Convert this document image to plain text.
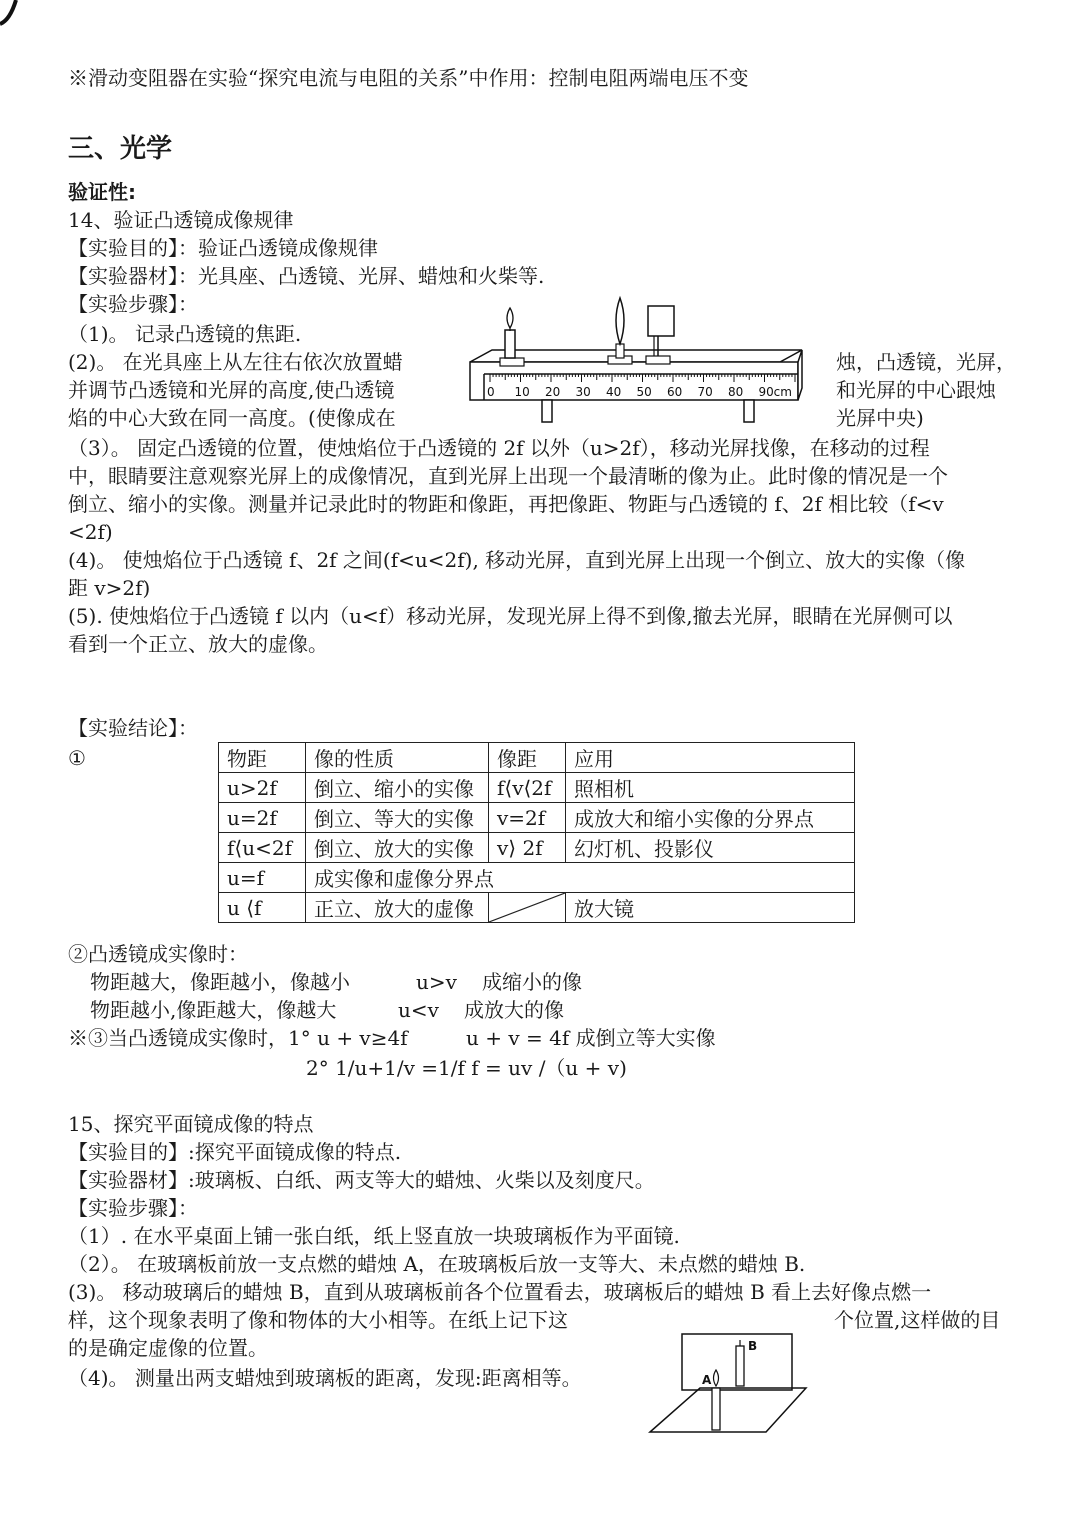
※滑动变阻器在实验“探究电流与电阻的关系”中作用：控制电阻两端电压不变
三、光学
验证性:
14、验证凸透镜成像规律
【实验目的】：验证凸透镜成像规律
【实验器材】：光具座、凸透镜、光屏、蜡烛和火柴等.
【实验步骤】：
（1)。 记录凸透镜的焦距.
(2)。 在光具座上从左往右依次放置蜡
并调节凸透镜和光屏的高度,使凸透镜
焰的中心大致在同一高度。(使像成在
烛，凸透镜，光屏，
和光屏的中心跟烛
光屏中央)
0 10 20 30 40 50 60 70 80 90 cm
（3）。 固定凸透镜的位置，使烛焰位于凸透镜的 2f 以外（u>2f），移动光屏找像，在移动的过程
中，眼睛要注意观察光屏上的成像情况，直到光屏上出现一个最清晰的像为止。此时像的情况是一个
倒立、缩小的实像。测量并记录此时的物距和像距，再把像距、物距与凸透镜的 f、2f 相比较（f<v
<2f)
(4)。 使烛焰位于凸透镜 f、2f 之间(f<u<2f), 移动光屏，直到光屏上出现一个倒立、放大的实像（像
距 v>2f)
(5). 使烛焰位于凸透镜 f 以内（u<f）移动光屏，发现光屏上得不到像,撤去光屏，眼睛在光屏侧可以
看到一个正立、放大的虚像。
【实验结论】：
①	物距	像的性质	像距	应用
u>2f	倒立、缩小的实像	f⟨v⟨2f	照相机
u=2f	倒立、等大的实像	v=2f	成放大和缩小实像的分界点
f⟨u<2f	倒立、放大的实像	v⟩ 2f	幻灯机、投影仪
u=f	成实像和虚像分界点		
u ⟨f	正立、放大的虚像		放大镜
②凸透镜成实像时：
物距越大，像距越小，像越小	u>v 成缩小的像
物距越小,像距越大，像越大	u<v 成放大的像
※③当凸透镜成实像时，1° u + v≥4f	u + v = 4f 成倒立等大实像
2° 1/u+1/v =1/f f = uv /（u + v)
15、探究平面镜成像的特点
【实验目的】:探究平面镜成像的特点.
【实验器材】:玻璃板、白纸、两支等大的蜡烛、火柴以及刻度尺。
【实验步骤】：
（1）. 在水平桌面上铺一张白纸，纸上竖直放一块玻璃板作为平面镜.
（2）。 在玻璃板前放一支点燃的蜡烛 A，在玻璃板后放一支等大、未点燃的蜡烛 B.
(3)。 移动玻璃后的蜡烛 B，直到从玻璃板前各个位置看去，玻璃板后的蜡烛 B 看上去好像点燃一
样，这个现象表明了像和物体的大小相等。在纸上记下这	个位置,这样做的目
的是确定虚像的位置。
（4)。 测量出两支蜡烛到玻璃板的距离，发现:距离相等。
B
A
